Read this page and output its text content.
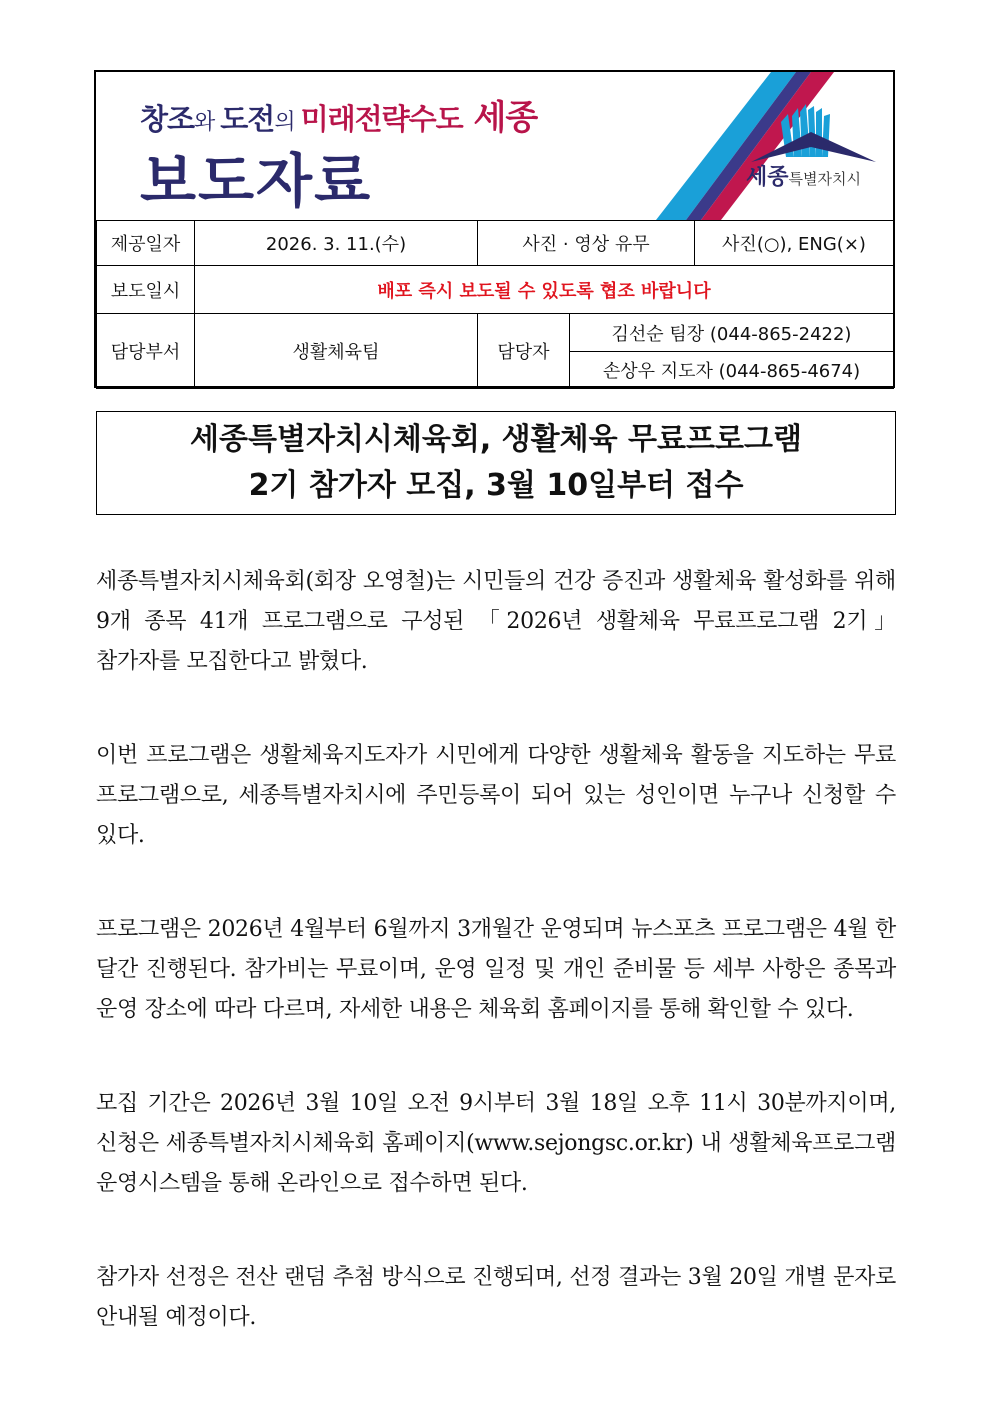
창조와 도전의 미래전략수도 세종
보도자료	세종특별자치시
제공일자	2026. 3. 11.(수)	사진 · 영상 유무		사진(○), ENG(×)
보도일시	배포 즉시 보도될 수 있도록 협조 바랍니다			
담당부서	생활체육팀	담당자	김선순 팀장 (044-865-2422)	
			손상우 지도자 (044-865-4674)	
세종특별자치시체육회, 생활체육 무료프로그램
2기 참가자 모집, 3월 10일부터 접수

세종특별자치시체육회(회장 오영철)는 시민들의 건강 증진과 생활체육 활성화를 위해 9개 종목 41개 프로그램으로 구성된 「2026년 생활체육 무료프로그램 2기」 참가자를 모집한다고 밝혔다.

이번 프로그램은 생활체육지도자가 시민에게 다양한 생활체육 활동을 지도하는 무료 프로그램으로, 세종특별자치시에 주민등록이 되어 있는 성인이면 누구나 신청할 수 있다.

프로그램은 2026년 4월부터 6월까지 3개월간 운영되며 뉴스포츠 프로그램은 4월 한 달간 진행된다. 참가비는 무료이며, 운영 일정 및 개인 준비물 등 세부 사항은 종목과 운영 장소에 따라 다르며, 자세한 내용은 체육회 홈페이지를 통해 확인할 수 있다.

모집 기간은 2026년 3월 10일 오전 9시부터 3월 18일 오후 11시 30분까지이며, 신청은 세종특별자치시체육회 홈페이지(www.sejongsc.or.kr) 내 생활체육프로그램 운영시스템을 통해 온라인으로 접수하면 된다.

참가자 선정은 전산 랜덤 추첨 방식으로 진행되며, 선정 결과는 3월 20일 개별 문자로 안내될 예정이다.
